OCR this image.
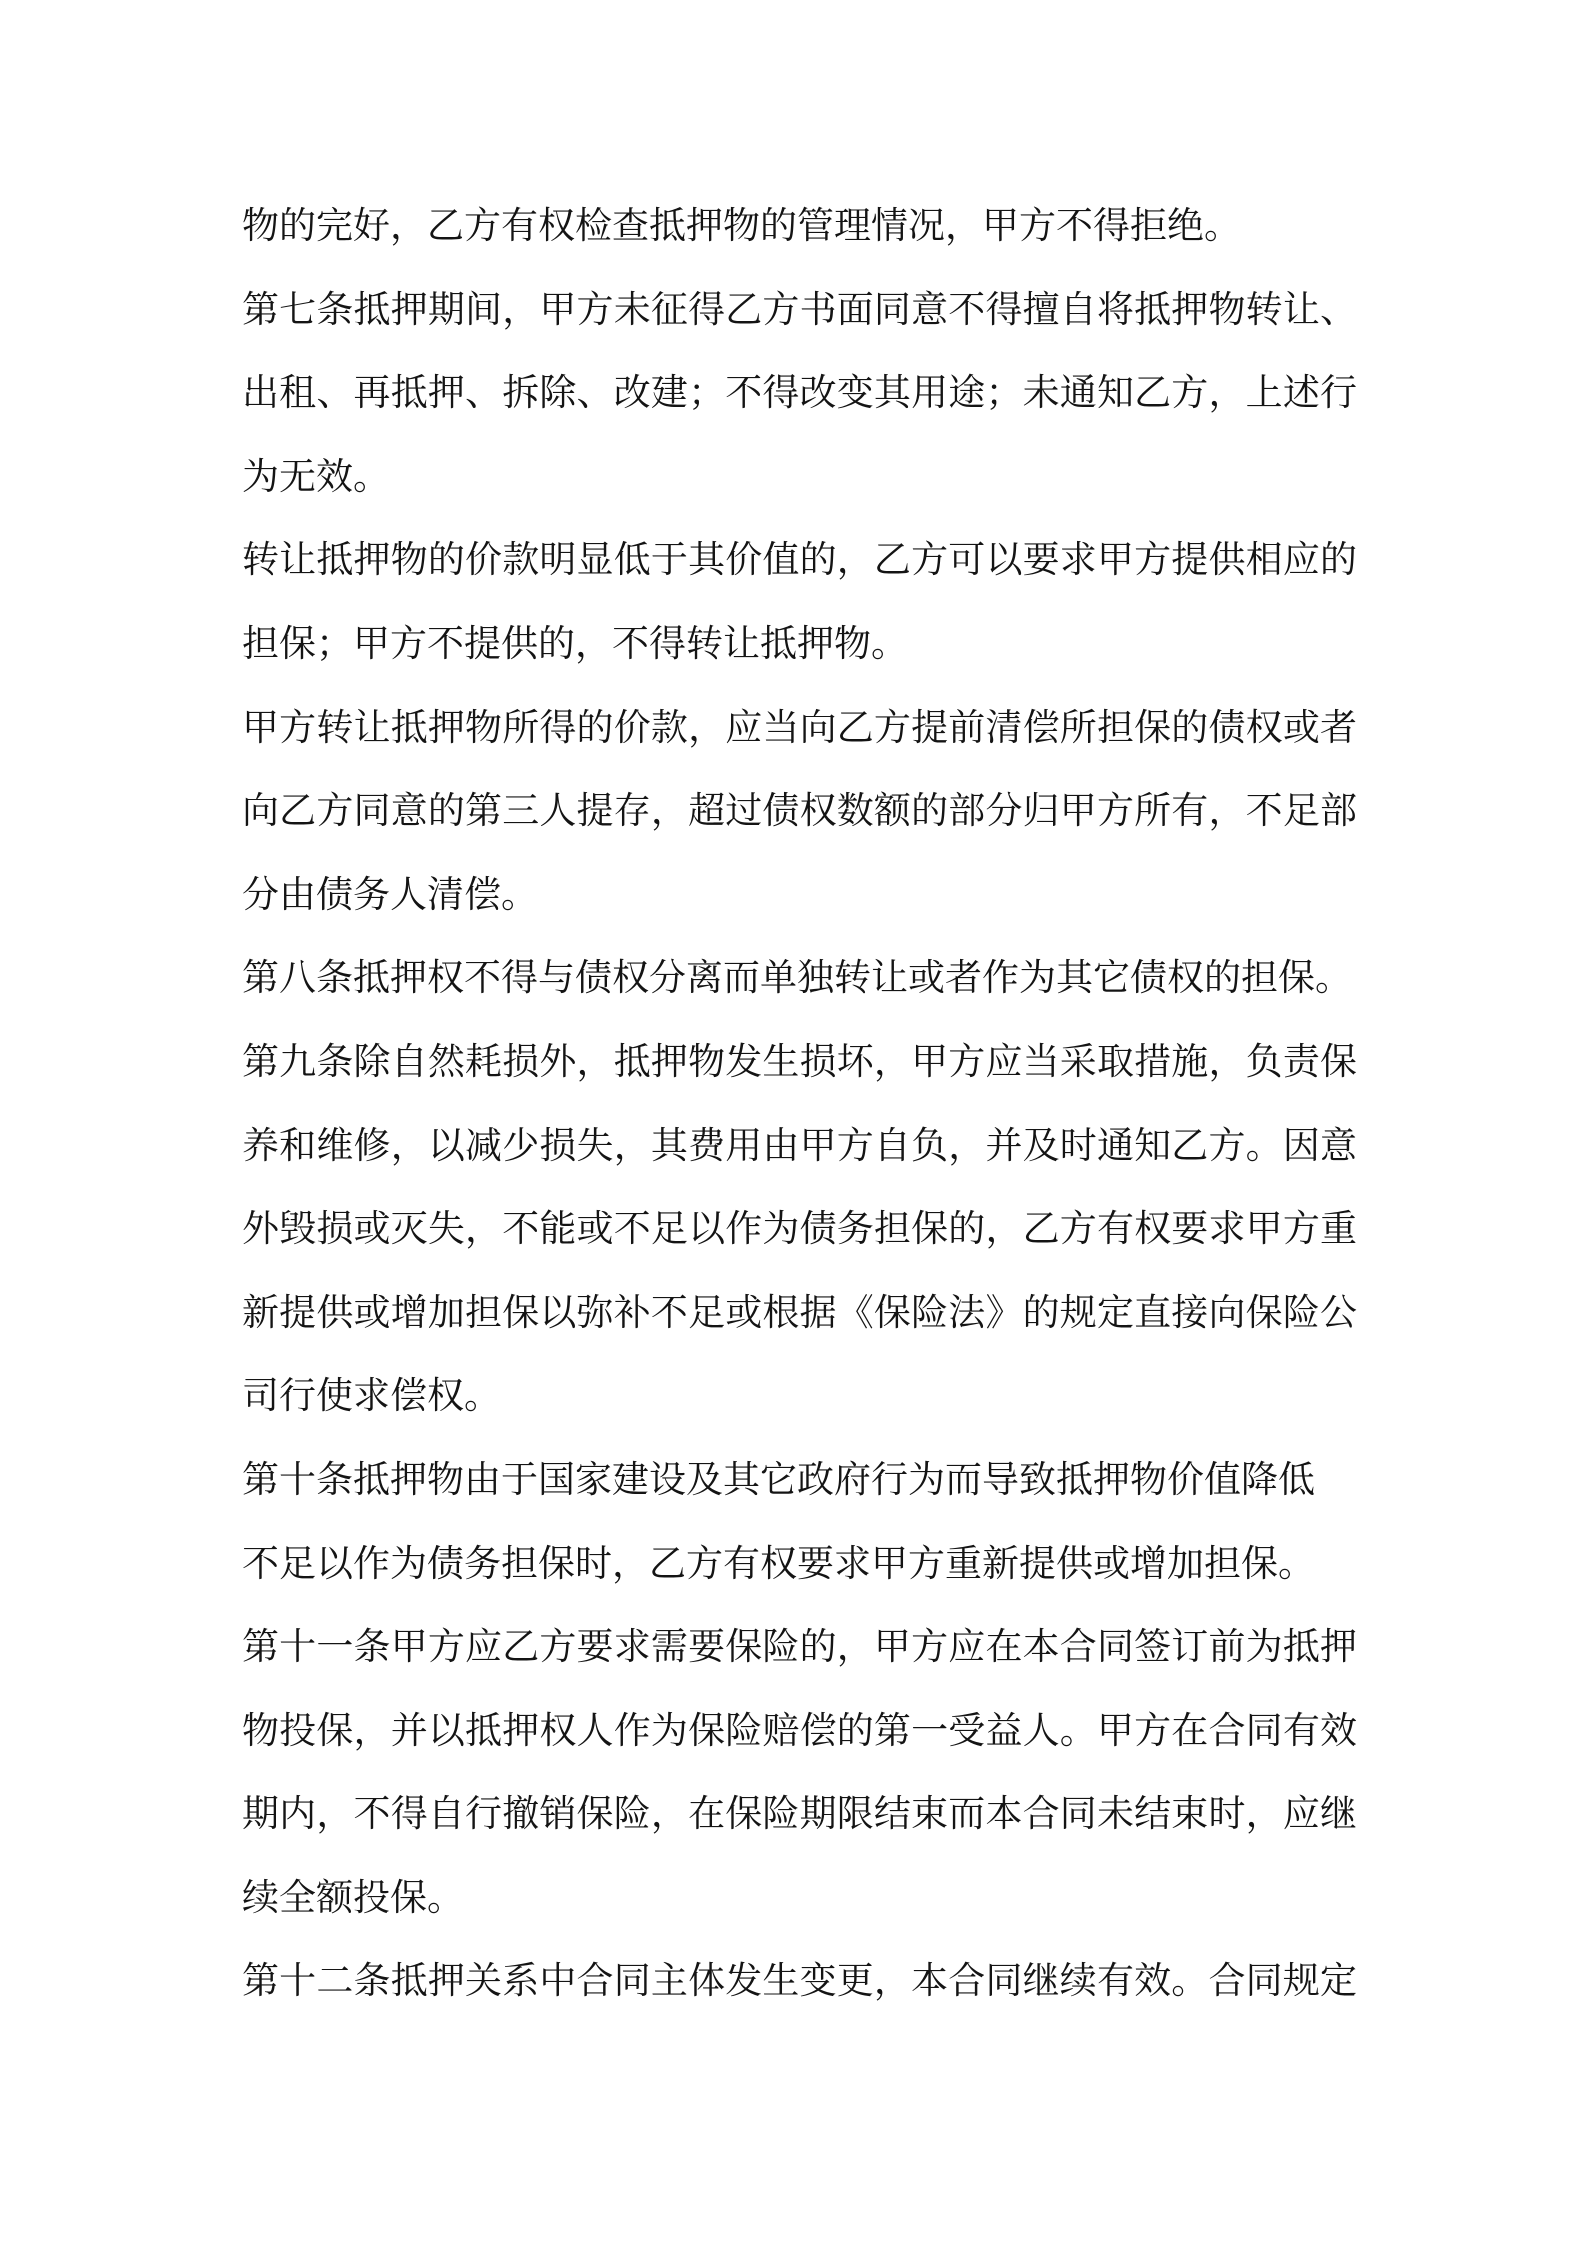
物的完好，乙方有权检查抵押物的管理情况，甲方不得拒绝。
第七条抵押期间，甲方未征得乙方书面同意不得擅自将抵押物转让、
出租、再抵押、拆除、改建；不得改变其用途；未通知乙方，上述行
为无效。
转让抵押物的价款明显低于其价值的，乙方可以要求甲方提供相应的
担保；甲方不提供的，不得转让抵押物。
甲方转让抵押物所得的价款，应当向乙方提前清偿所担保的债权或者
向乙方同意的第三人提存，超过债权数额的部分归甲方所有，不足部
分由债务人清偿。
第八条抵押权不得与债权分离而单独转让或者作为其它债权的担保。
第九条除自然耗损外，抵押物发生损坏，甲方应当采取措施，负责保
养和维修，以减少损失，其费用由甲方自负，并及时通知乙方。因意
外毁损或灭失，不能或不足以作为债务担保的，乙方有权要求甲方重
新提供或增加担保以弥补不足或根据《保险法》的规定直接向保险公
司行使求偿权。
第十条抵押物由于国家建设及其它政府行为而导致抵押物价值降低
不足以作为债务担保时，乙方有权要求甲方重新提供或增加担保。
第十一条甲方应乙方要求需要保险的，甲方应在本合同签订前为抵押
物投保，并以抵押权人作为保险赔偿的第一受益人。甲方在合同有效
期内，不得自行撤销保险，在保险期限结束而本合同未结束时，应继
续全额投保。
第十二条抵押关系中合同主体发生变更，本合同继续有效。合同规定
